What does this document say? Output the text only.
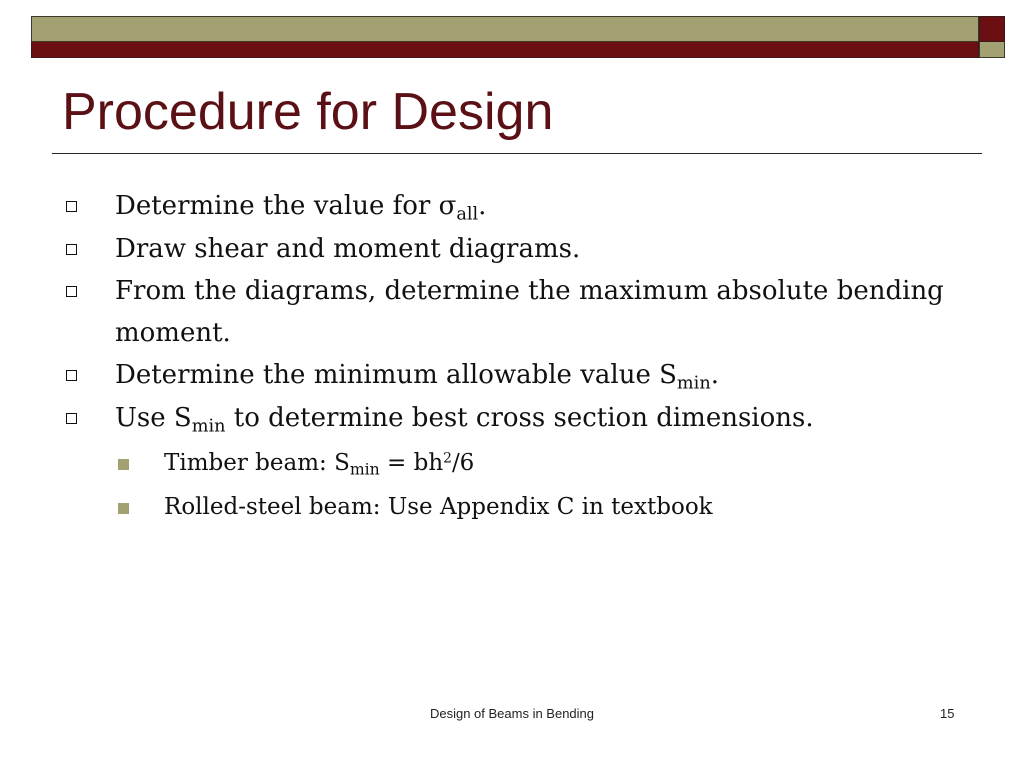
Procedure for Design
Determine the value for $\sigma_{all}$.
Draw shear and moment diagrams.
From the diagrams, determine the maximum absolute bending moment.
Determine the minimum allowable value $S_{min}$.
Use $S_{min}$ to determine best cross section dimensions.
Timber beam: $S_{min} = bh^2/6$
Rolled-steel beam: Use Appendix C in textbook
Design of Beams in Bending	15
